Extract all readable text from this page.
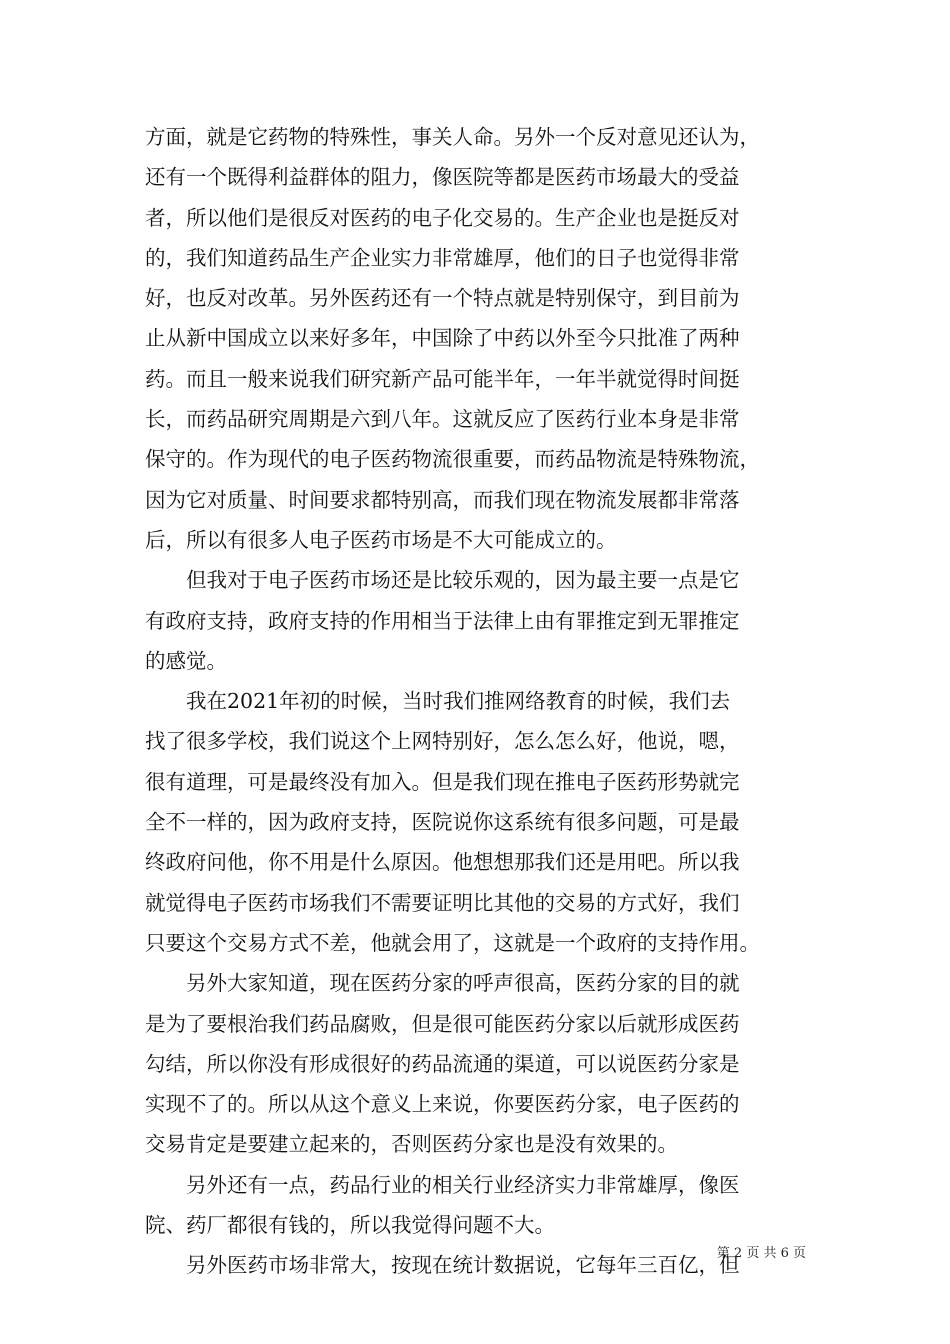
方面，就是它药物的特殊性，事关人命。另外一个反对意见还认为，
还有一个既得利益群体的阻力，像医院等都是医药市场最大的受益
者，所以他们是很反对医药的电子化交易的。生产企业也是挺反对
的，我们知道药品生产企业实力非常雄厚，他们的日子也觉得非常
好，也反对改革。另外医药还有一个特点就是特别保守，到目前为
止从新中国成立以来好多年，中国除了中药以外至今只批准了两种
药。而且一般来说我们研究新产品可能半年，一年半就觉得时间挺
长，而药品研究周期是六到八年。这就反应了医药行业本身是非常
保守的。作为现代的电子医药物流很重要，而药品物流是特殊物流，
因为它对质量、时间要求都特别高，而我们现在物流发展都非常落
后，所以有很多人电子医药市场是不大可能成立的。
　　但我对于电子医药市场还是比较乐观的，因为最主要一点是它
有政府支持，政府支持的作用相当于法律上由有罪推定到无罪推定
的感觉。
　　我在2021年初的时候，当时我们推网络教育的时候，我们去
找了很多学校，我们说这个上网特别好，怎么怎么好，他说，嗯，
很有道理，可是最终没有加入。但是我们现在推电子医药形势就完
全不一样的，因为政府支持，医院说你这系统有很多问题，可是最
终政府问他，你不用是什么原因。他想想那我们还是用吧。所以我
就觉得电子医药市场我们不需要证明比其他的交易的方式好，我们
只要这个交易方式不差，他就会用了，这就是一个政府的支持作用。
　　另外大家知道，现在医药分家的呼声很高，医药分家的目的就
是为了要根治我们药品腐败，但是很可能医药分家以后就形成医药
勾结，所以你没有形成很好的药品流通的渠道，可以说医药分家是
实现不了的。所以从这个意义上来说，你要医药分家，电子医药的
交易肯定是要建立起来的，否则医药分家也是没有效果的。
　　另外还有一点，药品行业的相关行业经济实力非常雄厚，像医
院、药厂都很有钱的，所以我觉得问题不大。
　　另外医药市场非常大，按现在统计数据说，它每年三百亿，但
第 2 页 共 6 页
